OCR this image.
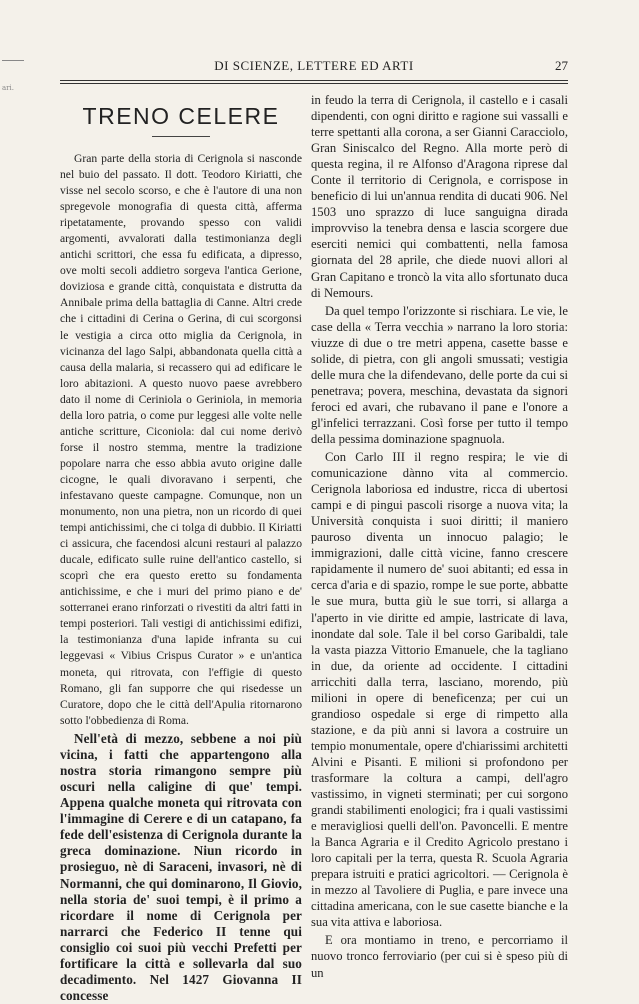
ari.
DI SCIENZE, LETTERE ED ARTI	27
TRENO CELERE

Gran parte della storia di Cerignola si nasconde nel buio del passato. Il dott. Teodoro Kiriatti, che visse nel secolo scorso, e che è l'autore di una non spregevole monografia di questa città, afferma ripetatamente, provando spesso con validi argomenti, avvalorati dalla testimonianza degli antichi scrittori, che essa fu edificata, a dipresso, ove molti secoli addietro sorgeva l'antica Gerione, doviziosa e grande città, conquistata e distrutta da Annibale prima della battaglia di Canne. Altri crede che i cittadini di Cerina o Gerina, di cui scorgonsi le vestigia a circa otto miglia da Cerignola, in vicinanza del lago Salpi, abbandonata quella città a causa della malaria, si recassero qui ad edificare le loro abitazioni. A questo nuovo paese avrebbero dato il nome di Ceriniola o Geriniola, in memoria della loro patria, o come pur leggesi alle volte nelle antiche scritture, Ciconiola: dal cui nome derivò forse il nostro stemma, mentre la tradizione popolare narra che esso abbia avuto origine dalle cicogne, le quali divoravano i serpenti, che infestavano queste campagne. Comunque, non un monumento, non una pietra, non un ricordo di quei tempi antichissimi, che ci tolga di dubbio. Il Kiriatti ci assicura, che facendosi alcuni restauri al palazzo ducale, edificato sulle ruine dell'antico castello, si scoprì che era questo eretto su fondamenta antichissime, e che i muri del primo piano e de' sotterranei erano rinforzati o rivestiti da altri fatti in tempi posteriori. Tali vestigi di antichissimi edifizi, la testimonianza d'una lapide infranta su cui leggevasi « Vibius Crispus Curator » e un'antica moneta, qui ritrovata, con l'effigie di questo Romano, gli fan supporre che qui risedesse un Curatore, dopo che le città dell'Apulia ritornarono sotto l'obbedienza di Roma.

Nell'età di mezzo, sebbene a noi più vicina, i fatti che appartengono alla nostra storia rimangono sempre più oscuri nella caligine di que' tempi. Appena qualche moneta qui ritrovata con l'immagine di Cerere e di un catapano, fa fede dell'esistenza di Cerignola durante la greca dominazione. Niun ricordo in prosieguo, nè di Saraceni, invasori, nè di Normanni, che qui dominarono, Il Giovio, nella storia de' suoi tempi, è il primo a ricordare il nome di Cerignola per narrarci che Federico II tenne qui consiglio coi suoi più vecchi Prefetti per fortificare la città e sollevarla dal suo decadimento. Nel 1427 Giovanna II concesse

in feudo la terra di Cerignola, il castello e i casali dipendenti, con ogni diritto e ragione sui vassalli e terre spettanti alla corona, a ser Gianni Caracciolo, Gran Siniscalco del Regno. Alla morte però di questa regina, il re Alfonso d'Aragona riprese dal Conte il territorio di Cerignola, e corrispose in beneficio di lui un'annua rendita di ducati 906. Nel 1503 uno sprazzo di luce sanguigna dirada improvviso la tenebra densa e lascia scorgere due eserciti nemici qui combattenti, nella famosa giornata del 28 aprile, che diede nuovi allori al Gran Capitano e troncò la vita allo sfortunato duca di Nemours.

Da quel tempo l'orizzonte si rischiara. Le vie, le case della « Terra vecchia » narrano la loro storia: viuzze di due o tre metri appena, casette basse e solide, di pietra, con gli angoli smussati; vestigia delle mura che la difendevano, delle porte da cui si penetrava; povera, meschina, devastata da signori feroci ed avari, che rubavano il pane e l'onore a gl'infelici terrazzani. Così forse per tutto il tempo della pessima dominazione spagnuola.

Con Carlo III il regno respira; le vie di comunicazione dànno vita al commercio. Cerignola laboriosa ed industre, ricca di ubertosi campi e di pingui pascoli risorge a nuova vita; la Università conquista i suoi diritti; il maniero pauroso diventa un innocuo palagio; le immigrazioni, dalle città vicine, fanno crescere rapidamente il numero de' suoi abitanti; ed essa in cerca d'aria e di spazio, rompe le sue porte, abbatte le sue mura, butta giù le sue torri, si allarga a l'aperto in vie diritte ed ampie, lastricate di lava, inondate dal sole. Tale il bel corso Garibaldi, tale la vasta piazza Vittorio Emanuele, che la tagliano in due, da oriente ad occidente. I cittadini arricchiti dalla terra, lasciano, morendo, più milioni in opere di beneficenza; per cui un grandioso ospedale si erge di rimpetto alla stazione, e da più anni si lavora a costruire un tempio monumentale, opere d'chiarissimi architetti Alvini e Pisanti. E milioni si profondono per trasformare la coltura a campi, dell'agro vastissimo, in vigneti sterminati; per cui sorgono grandi stabilimenti enologici; fra i quali vastissimi e meravigliosi quelli dell'on. Pavoncelli. E mentre la Banca Agraria e il Credito Agricolo prestano i loro capitali per la terra, questa R. Scuola Agraria prepara istruiti e pratici agricoltori. — Cerignola è in mezzo al Tavoliere di Puglia, e pare invece una cittadina americana, con le sue casette bianche e la sua vita attiva e laboriosa.

E ora montiamo in treno, e percorriamo il nuovo tronco ferroviario (per cui si è speso più di un
